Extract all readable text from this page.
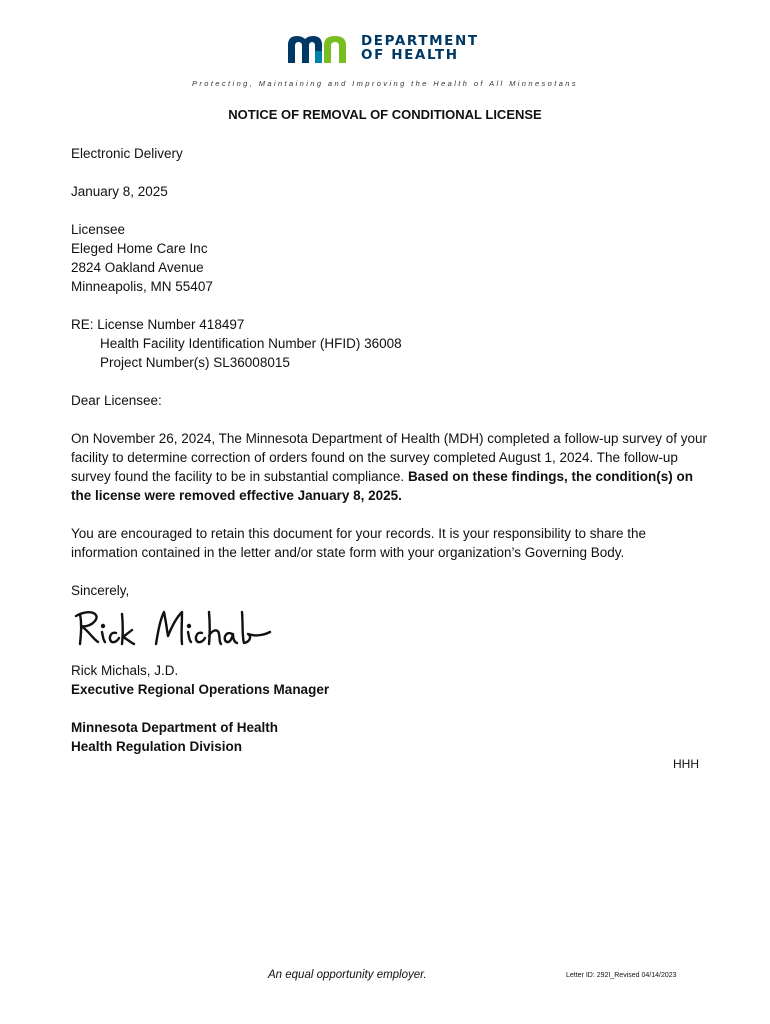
DEPARTMENT
OF HEALTH
Protecting, Maintaining and Improving the Health of All Minnesotans
NOTICE OF REMOVAL OF CONDITIONAL LICENSE
Electronic Delivery
January 8, 2025
Licensee
Eleged Home Care Inc
2824 Oakland Avenue
Minneapolis, MN 55407
RE: License Number 418497
Health Facility Identification Number (HFID) 36008
Project Number(s) SL36008015
Dear Licensee:
On November 26, 2024, The Minnesota Department of Health (MDH) completed a follow-up survey of your facility to determine correction of orders found on the survey completed August 1, 2024. The follow-up survey found the facility to be in substantial compliance. Based on these findings, the condition(s) on the license were removed effective January 8, 2025.
You are encouraged to retain this document for your records. It is your responsibility to share the information contained in the letter and/or state form with your organization’s Governing Body.
Sincerely,
Rick Michals, J.D.
Executive Regional Operations Manager
Minnesota Department of Health
Health Regulation Division
HHH
An equal opportunity employer.	Letter ID: 292I_Revised 04/14/2023
